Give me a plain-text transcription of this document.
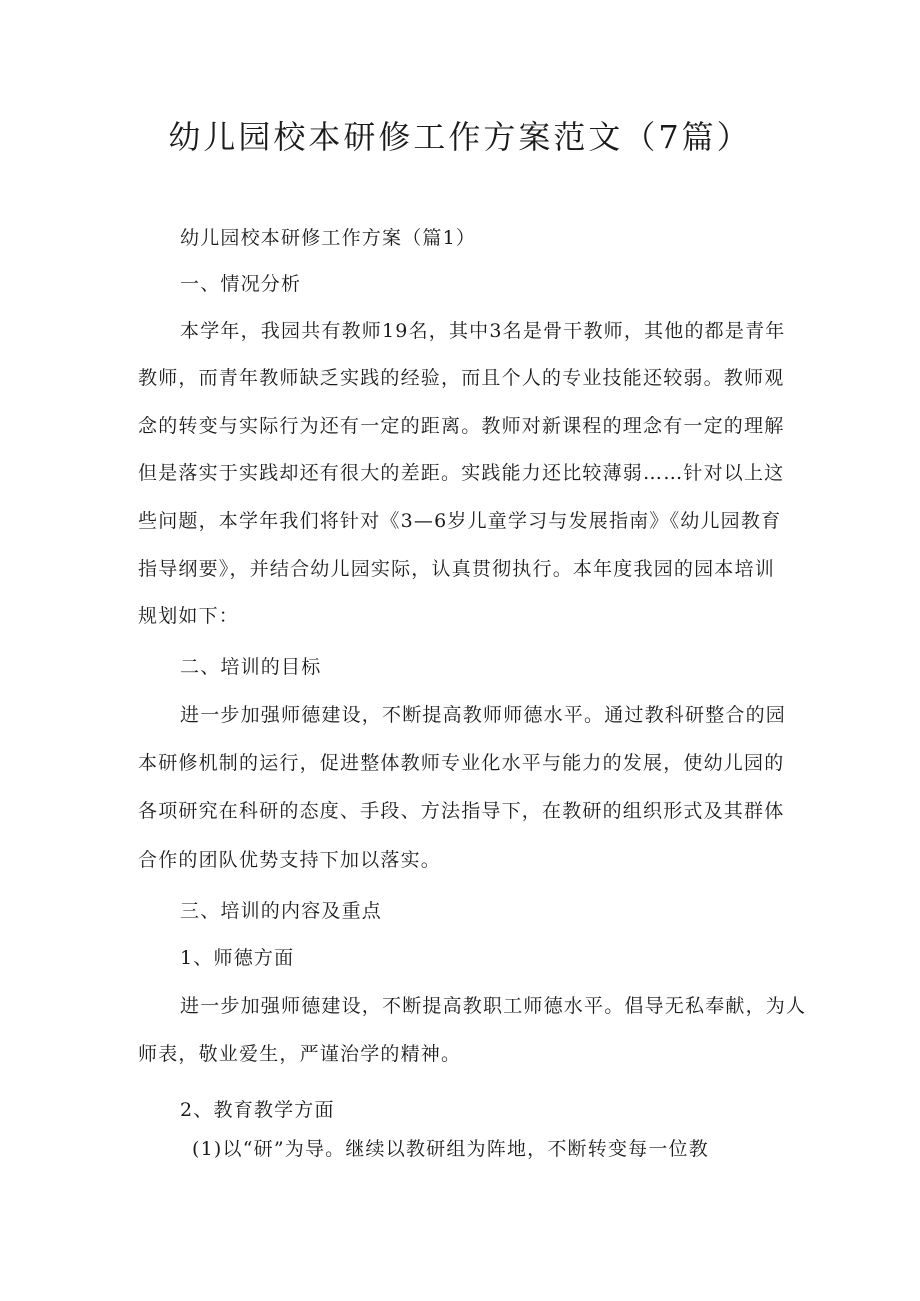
幼儿园校本研修工作方案范文（7篇）

幼儿园校本研修工作方案（篇1）

一、情况分析

本学年，我园共有教师19名，其中3名是骨干教师，其他的都是青年

教师，而青年教师缺乏实践的经验，而且个人的专业技能还较弱。教师观

念的转变与实际行为还有一定的距离。教师对新课程的理念有一定的理解

但是落实于实践却还有很大的差距。实践能力还比较薄弱……针对以上这

些问题，本学年我们将针对《3—6岁儿童学习与发展指南》《幼儿园教育

指导纲要》，并结合幼儿园实际，认真贯彻执行。本年度我园的园本培训

规划如下：

二、培训的目标

进一步加强师德建设，不断提高教师师德水平。通过教科研整合的园

本研修机制的运行，促进整体教师专业化水平与能力的发展，使幼儿园的

各项研究在科研的态度、手段、方法指导下，在教研的组织形式及其群体

合作的团队优势支持下加以落实。

三、培训的内容及重点

1、师德方面

进一步加强师德建设，不断提高教职工师德水平。倡导无私奉献，为人

师表，敬业爱生，严谨治学的精神。

2、教育教学方面

(1)以“研”为导。继续以教研组为阵地，不断转变每一位教
